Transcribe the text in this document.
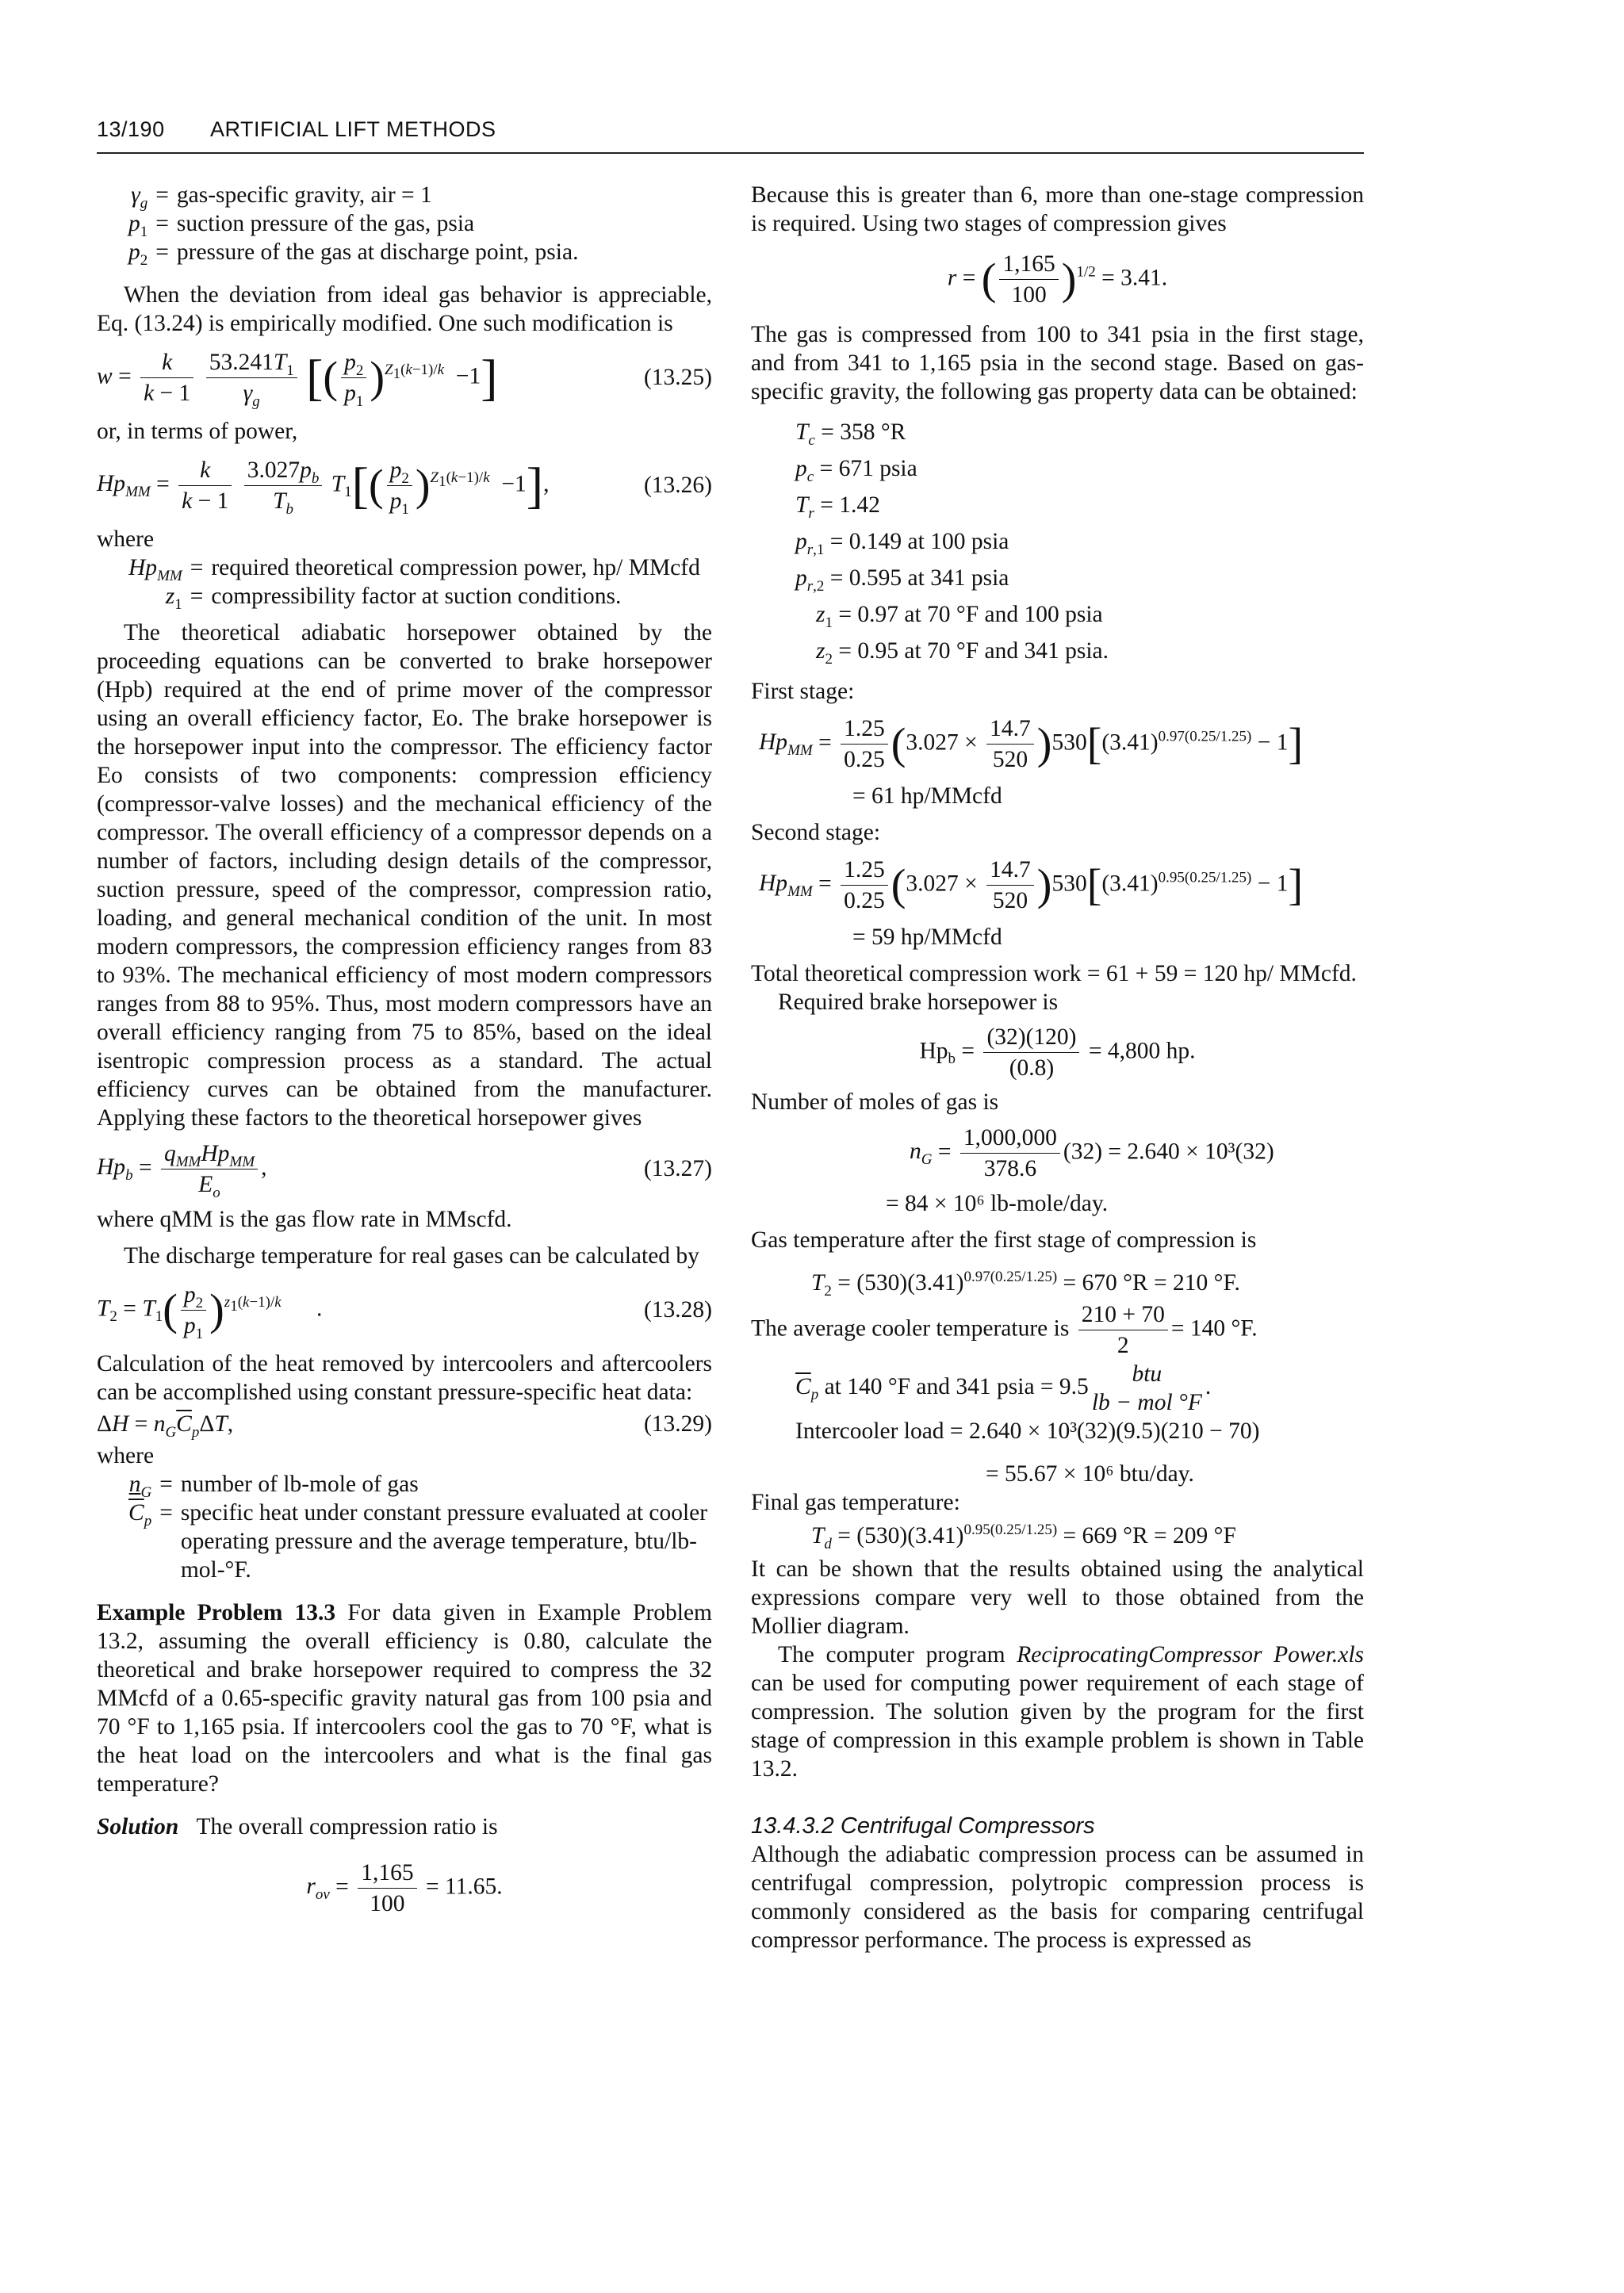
13/190 ARTIFICIAL LIFT METHODS
$\gamma_g$ = gas-specific gravity, air = 1
$p_1$ = suction pressure of the gas, psia
$p_2$ = pressure of the gas at discharge point, psia.

When the deviation from ideal gas behavior is appreciable, Eq. (13.24) is empirically modified. One such modification is

$w = \frac{k}{k - 1}$
$\frac{53.241T_1}{\gamma_g}$ [( $\frac{p_2}{p_1} )^{Z_1(k-1)/k} -1$]	(13.25)

or, in terms of power,

$Hp_{MM} = \frac{k}{k - 1}$
$\frac{3.027p_b}{T_b} T_1[( \frac{p_2}{p_1} )^{Z_1(k-1)/k} -1]$,	(13.26)

where

$Hp_{MM}$ = required theoretical compression power, hp/ MMcfd
$z_1$ = compressibility factor at suction conditions.

The theoretical adiabatic horsepower obtained by the proceeding equations can be converted to brake horsepower (Hpb) required at the end of prime mover of the compressor using an overall efficiency factor, Eo. The brake horsepower is the horsepower input into the compressor. The efficiency factor Eo consists of two components: compression efficiency (compressor-valve losses) and the mechanical efficiency of the compressor. The overall efficiency of a compressor depends on a number of factors, including design details of the compressor, suction pressure, speed of the compressor, compression ratio, loading, and general mechanical condition of the unit. In most modern compressors, the compression efficiency ranges from 83 to 93%. The mechanical efficiency of most modern compressors ranges from 88 to 95%. Thus, most modern compressors have an overall efficiency ranging from 75 to 85%, based on the ideal isentropic compression process as a standard. The actual efficiency curves can be obtained from the manufacturer. Applying these factors to the theoretical horsepower gives

$Hp_b = \frac{q_{MM}Hp_{MM}}{E_o}$ ,	(13.27)

where qMM is the gas flow rate in MMscfd.

The discharge temperature for real gases can be calculated by

$T_2 = T_1( \frac{p_2}{p_1} )^{z_1(k-1)/k}$      .	(13.28)

Calculation of the heat removed by intercoolers and aftercoolers can be accomplished using constant pressure-specific heat data:

$\Delta H = n_G\overline{C}_p\Delta T$,	(13.29)

where

$n_G$ = number of lb-mole of gas
$\overline{C}_p$ = specific heat under constant pressure evaluated at cooler operating pressure and the average temperature, btu/lb-mol-°F.

Example Problem 13.3 For data given in Example Problem 13.2, assuming the overall efficiency is 0.80, calculate the theoretical and brake horsepower required to compress the 32 MMcfd of a 0.65-specific gravity natural gas from 100 psia and 70 °F to 1,165 psia. If intercoolers cool the gas to 70 °F, what is the heat load on the intercoolers and what is the final gas temperature?

Solution The overall compression ratio is

$r_{ov} = \frac{1,165}{100} = 11.65$.

Because this is greater than 6, more than one-stage compression is required. Using two stages of compression gives

r = ( $\frac{1,165}{100} )^{1/2} = 3.41$.

The gas is compressed from 100 to 341 psia in the first stage, and from 341 to 1,165 psia in the second stage. Based on gas-specific gravity, the following gas property data can be obtained:

$T_c = 358$ °R
$p_c = 671$ psia
$T_r = 1.42$
$p_{r,1} = 0.149$ at 100 psia
$p_{r,2} = 0.595$ at 341 psia
$z_1 = 0.97$ at 70 °F and 100 psia
$z_2 = 0.95$ at 70 °F and 341 psia.

First stage:

$Hp_{MM} = \frac{1.25}{0.25} (3.027 \times \frac{14.7}{520} )530[(3.41)^{0.97(0.25/1.25)} - 1]$
= 61 hp/MMcfd

Second stage:

$Hp_{MM} = \frac{1.25}{0.25} (3.027 \times \frac{14.7}{520} )530[(3.41)^{0.95(0.25/1.25)} - 1]$
= 59 hp/MMcfd

Total theoretical compression work = 61 + 59 = 120 hp/ MMcfd.

Required brake horsepower is

$Hp_b = \frac{(32)(120)}{(0.8)} = 4,800$ hp.

Number of moles of gas is

$n_G = \frac{1,000,000}{378.6} (32) = 2.640 \times 10^3(32)$
= 84 × 10⁶ lb-mole/day.

Gas temperature after the first stage of compression is

$T_2 = (530)(3.41)^{0.97(0.25/1.25)} = 670$ °R = 210 °F.
The average cooler temperature is $\frac{210 + 70}{2} = 140$ °F.
$\overline{C}_p$ at 140 °F and 341 psia = 9.5	btu
lb − mol °F
.
Intercooler load = 2.640 × 10³(32)(9.5)(210 − 70)
= 55.67 × 10⁶ btu/day.

Final gas temperature:

$T_d = (530)(3.41)^{0.95(0.25/1.25)} = 669$ °R = 209 °F

It can be shown that the results obtained using the analytical expressions compare very well to those obtained from the Mollier diagram.

The computer program ReciprocatingCompressor Power.xls can be used for computing power requirement of each stage of compression. The solution given by the program for the first stage of compression in this example problem is shown in Table 13.2.

13.4.3.2 Centrifugal Compressors

Although the adiabatic compression process can be assumed in centrifugal compression, polytropic compression process is commonly considered as the basis for comparing centrifugal compressor performance. The process is expressed as
